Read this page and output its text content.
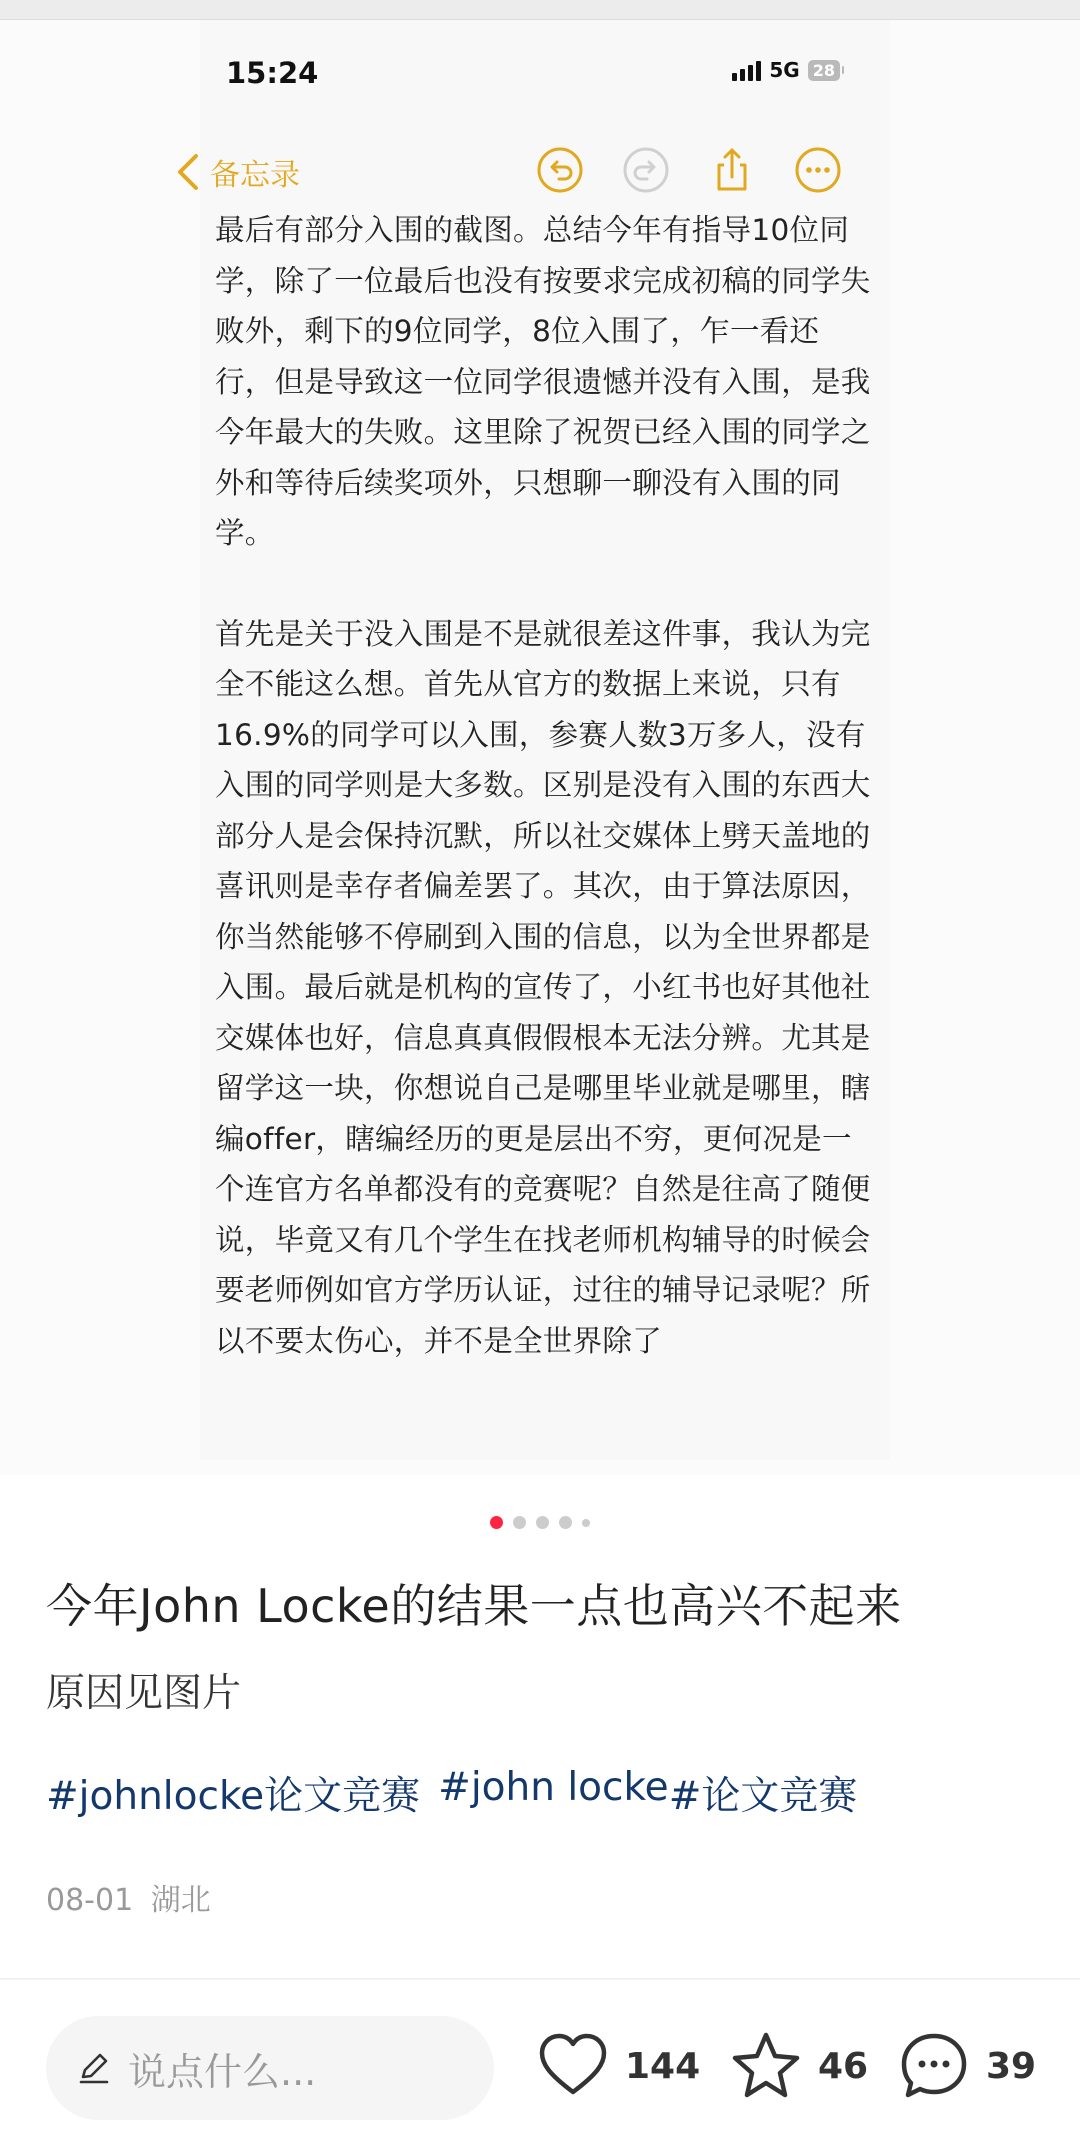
15:24	5G 28
备忘录

最后有部分入围的截图。总结今年有指导10位同学，除了一位最后也没有按要求完成初稿的同学失败外，剩下的9位同学，8位入围了，乍一看还行，但是导致这一位同学很遗憾并没有入围，是我今年最大的失败。这里除了祝贺已经入围的同学之外和等待后续奖项外，只想聊一聊没有入围的同学。

首先是关于没入围是不是就很差这件事，我认为完全不能这么想。首先从官方的数据上来说，只有16.9%的同学可以入围，参赛人数3万多人，没有入围的同学则是大多数。区别是没有入围的东西大部分人是会保持沉默，所以社交媒体上劈天盖地的喜讯则是幸存者偏差罢了。其次，由于算法原因，你当然能够不停刷到入围的信息，以为全世界都是入围。最后就是机构的宣传了，小红书也好其他社交媒体也好，信息真真假假根本无法分辨。尤其是留学这一块，你想说自己是哪里毕业就是哪里，瞎编offer，瞎编经历的更是层出不穷，更何况是一个连官方名单都没有的竞赛呢？自然是往高了随便说，毕竟又有几个学生在找老师机构辅导的时候会要老师例如官方学历认证，过往的辅导记录呢？所以不要太伤心，并不是全世界除了

今年John Locke的结果一点也高兴不起来
原因见图片
#johnlocke论文竞赛 #john locke #论文竞赛
08-01 湖北
说点什么...	144	46	39
